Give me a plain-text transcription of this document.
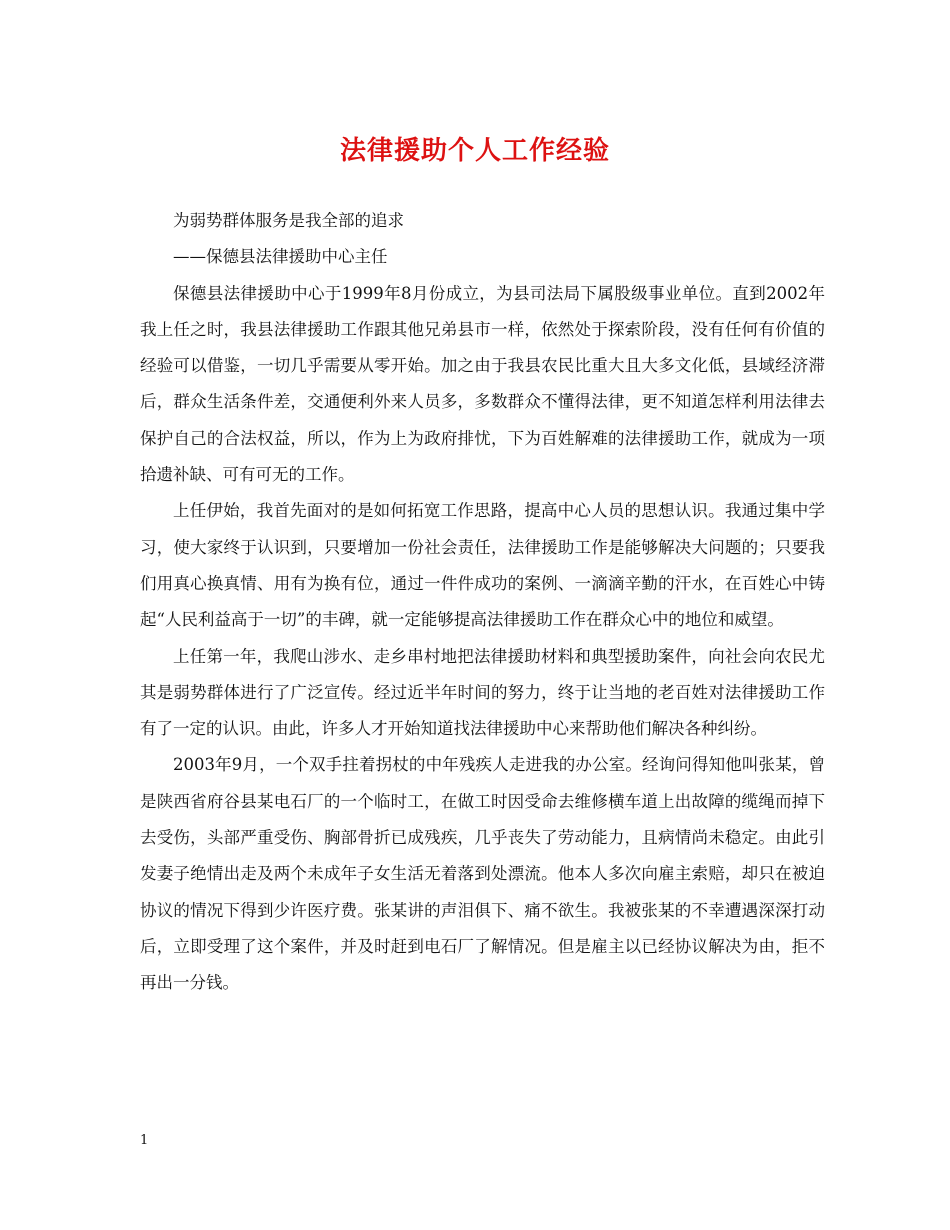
法律援助个人工作经验

为弱势群体服务是我全部的追求

——保德县法律援助中心主任

保德县法律援助中心于1999年8月份成立，为县司法局下属股级事业单位。直到2002年我上任之时，我县法律援助工作跟其他兄弟县市一样，依然处于探索阶段，没有任何有价值的经验可以借鉴，一切几乎需要从零开始。加之由于我县农民比重大且大多文化低，县域经济滞后，群众生活条件差，交通便利外来人员多，多数群众不懂得法律，更不知道怎样利用法律去保护自己的合法权益，所以，作为上为政府排忧，下为百姓解难的法律援助工作，就成为一项拾遗补缺、可有可无的工作。

上任伊始，我首先面对的是如何拓宽工作思路，提高中心人员的思想认识。我通过集中学习，使大家终于认识到，只要增加一份社会责任，法律援助工作是能够解决大问题的；只要我们用真心换真情、用有为换有位，通过一件件成功的案例、一滴滴辛勤的汗水，在百姓心中铸起“人民利益高于一切”的丰碑，就一定能够提高法律援助工作在群众心中的地位和威望。

上任第一年，我爬山涉水、走乡串村地把法律援助材料和典型援助案件，向社会向农民尤其是弱势群体进行了广泛宣传。经过近半年时间的努力，终于让当地的老百姓对法律援助工作有了一定的认识。由此，许多人才开始知道找法律援助中心来帮助他们解决各种纠纷。

2003年9月，一个双手拄着拐杖的中年残疾人走进我的办公室。经询问得知他叫张某，曾是陕西省府谷县某电石厂的一个临时工，在做工时因受命去维修横车道上出故障的缆绳而掉下去受伤，头部严重受伤、胸部骨折已成残疾，几乎丧失了劳动能力，且病情尚未稳定。由此引发妻子绝情出走及两个未成年子女生活无着落到处漂流。他本人多次向雇主索赔，却只在被迫协议的情况下得到少许医疗费。张某讲的声泪俱下、痛不欲生。我被张某的不幸遭遇深深打动后，立即受理了这个案件，并及时赶到电石厂了解情况。但是雇主以已经协议解决为由，拒不再出一分钱。

1
